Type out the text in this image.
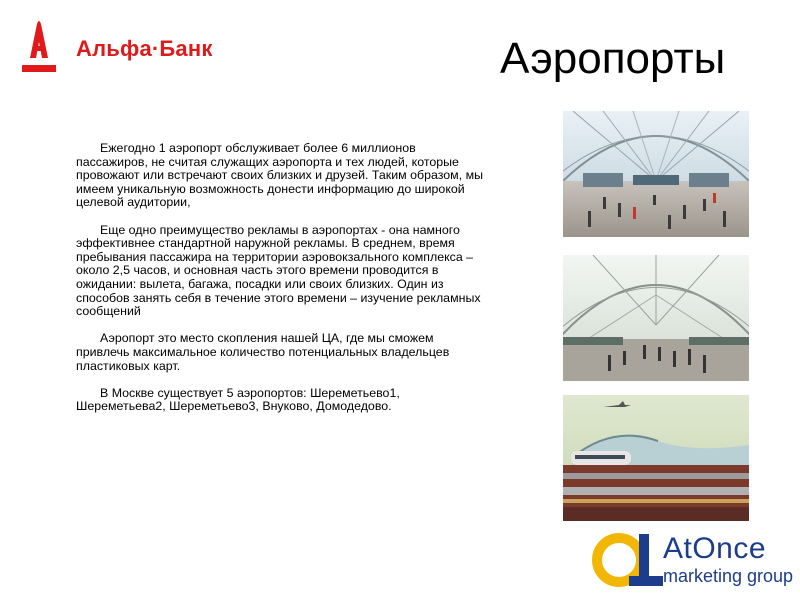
Альфа·Банк	Аэропорты

Ежегодно 1 аэропорт обслуживает более 6 миллионов пассажиров, не считая служащих аэропорта и тех людей, которые провожают или встречают своих близких и друзей. Таким образом, мы имеем уникальную возможность донести информацию до широкой целевой аудитории,

Еще одно преимущество рекламы в аэропортах - она намного эффективнее стандартной наружной рекламы. В среднем, время пребывания пассажира на территории аэровокзального комплекса – около 2,5 часов, и основная часть этого времени проводится в ожидании: вылета, багажа, посадки или своих близких. Один из способов занять себя в течение этого времени – изучение рекламных сообщений

Аэропорт это место скопления нашей ЦА, где мы сможем привлечь максимальное количество потенциальных владельцев пластиковых карт.

В Москве существует 5 аэропортов: Шереметьево1, Шереметьева2, Шереметьево3, Внуково, Домодедово.

AtOnce
marketing group
